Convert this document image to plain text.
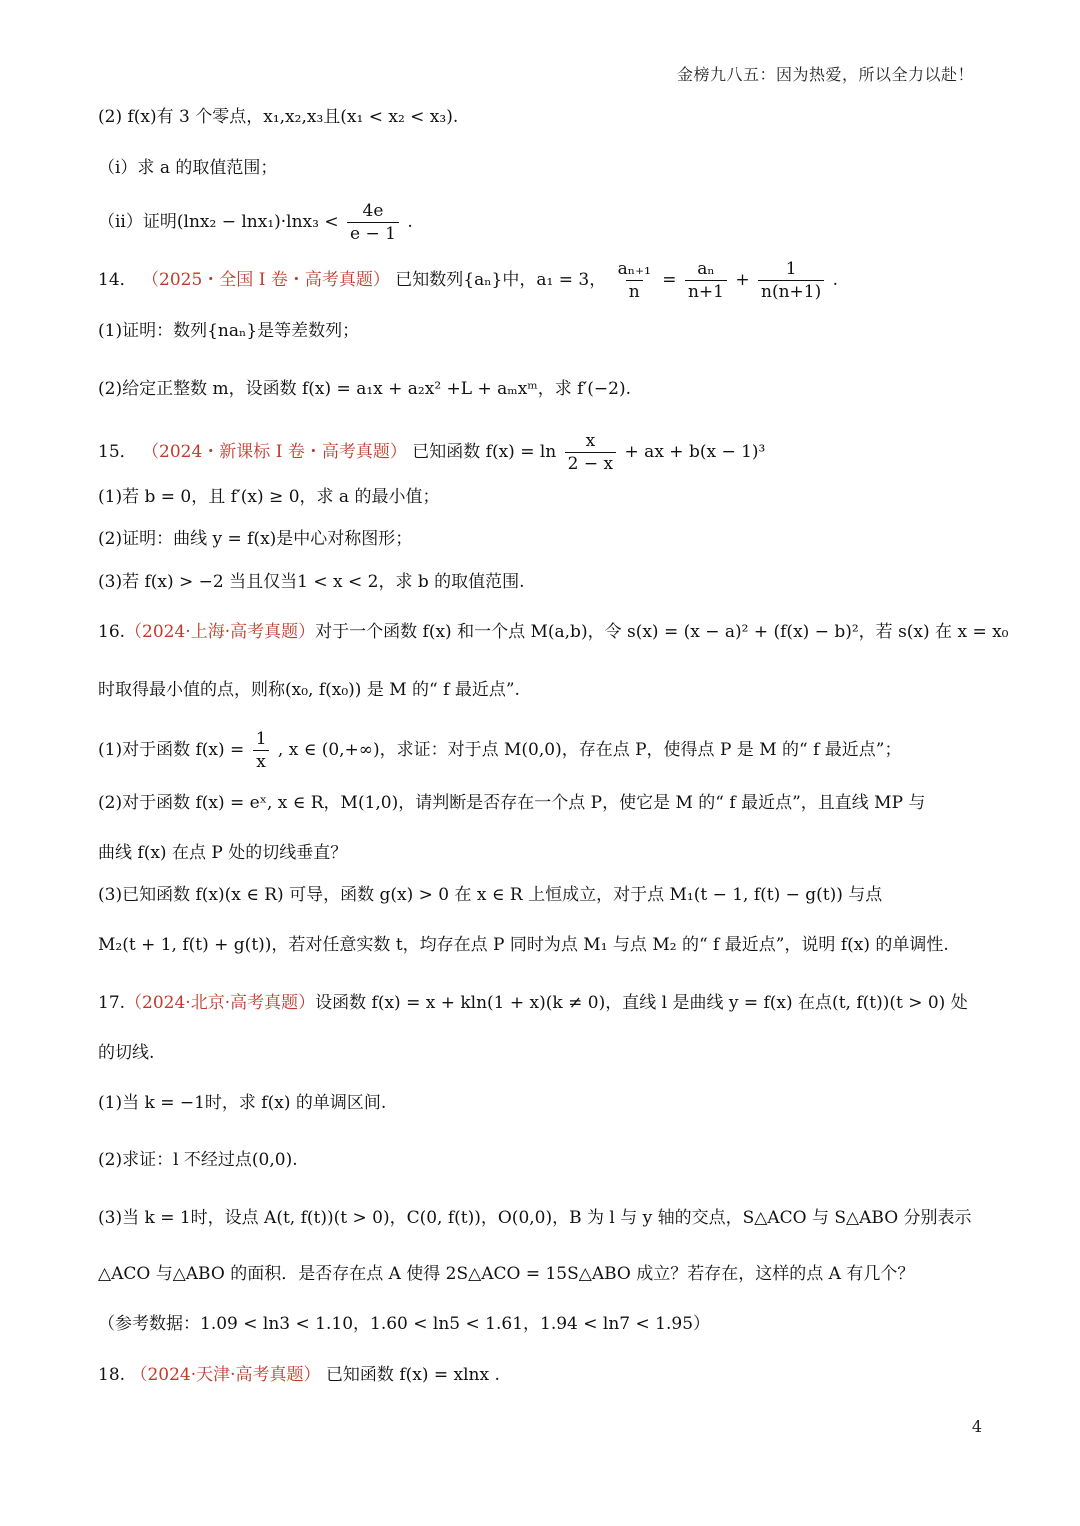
金榜九八五：因为热爱，所以全力以赴！
(2) f(x)有 3 个零点，x₁,x₂,x₃且(x₁ < x₂ < x₃).
（i）求 a 的取值范围；
（ii）证明$(\ln x_2 - \ln x_1)\cdot\ln x_3 < \frac{4e}{e - 1}$ .
14． （2025・全国 I 卷・高考真题） 已知数列{aₙ}中，a₁ = 3， $\frac{\text{aₙ₊₁}}{n} = \frac{\text{aₙ}}{n+1} + \frac{1}{n(n+1)}$ .
(1)证明：数列{naₙ}是等差数列；
(2)给定正整数 m，设函数 f(x) = a₁x + a₂x² +L + aₘxᵐ，求 f′(−2).
15． （2024・新课标 I 卷・高考真题） 已知函数 $f(x) = \ln \frac{x}{2 - x}$ + ax + b(x − 1)³
(1)若 b = 0，且 f′(x) ≥ 0，求 a 的最小值；
(2)证明：曲线 y = f(x)是中心对称图形；
(3)若 f(x) > −2 当且仅当1 < x < 2，求 b 的取值范围.
16.（2024·上海·高考真题）对于一个函数 f(x) 和一个点 M(a,b)，令 s(x) = (x − a)² + (f(x) − b)²，若 s(x) 在 x = x₀
时取得最小值的点，则称(x₀, f(x₀)) 是 M 的“ f 最近点”.
(1)对于函数 $f(x) = \frac{1}{x}$ , x ∈ (0,+∞)，求证：对于点 M(0,0)，存在点 P，使得点 P 是 M 的“ f 最近点”；
(2)对于函数 f(x) = eˣ, x ∈ R，M(1,0)，请判断是否存在一个点 P，使它是 M 的“ f 最近点”，且直线 MP 与
曲线 f(x) 在点 P 处的切线垂直？
(3)已知函数 f(x)(x ∈ R) 可导，函数 g(x) > 0 在 x ∈ R 上恒成立，对于点 M₁(t − 1, f(t) − g(t)) 与点
M₂(t + 1, f(t) + g(t))，若对任意实数 t，均存在点 P 同时为点 M₁ 与点 M₂ 的“ f 最近点”，说明 f(x) 的单调性.
17.（2024·北京·高考真题）设函数 f(x) = x + kln(1 + x)(k ≠ 0)，直线 l 是曲线 y = f(x) 在点(t, f(t))(t > 0) 处
的切线.
(1)当 k = −1时，求 f(x) 的单调区间.
(2)求证：l 不经过点(0,0).
(3)当 k = 1时，设点 A(t, f(t))(t > 0)，C(0, f(t))，O(0,0)，B 为 l 与 y 轴的交点，S△ACO 与 S△ABO 分别表示
△ACO 与△ABO 的面积．是否存在点 A 使得 2S△ACO = 15S△ABO 成立？若存在，这样的点 A 有几个？
（参考数据：1.09 < ln3 < 1.10，1.60 < ln5 < 1.61，1.94 < ln7 < 1.95）
18. （2024·天津·高考真题） 已知函数 f(x) = xlnx .
4
